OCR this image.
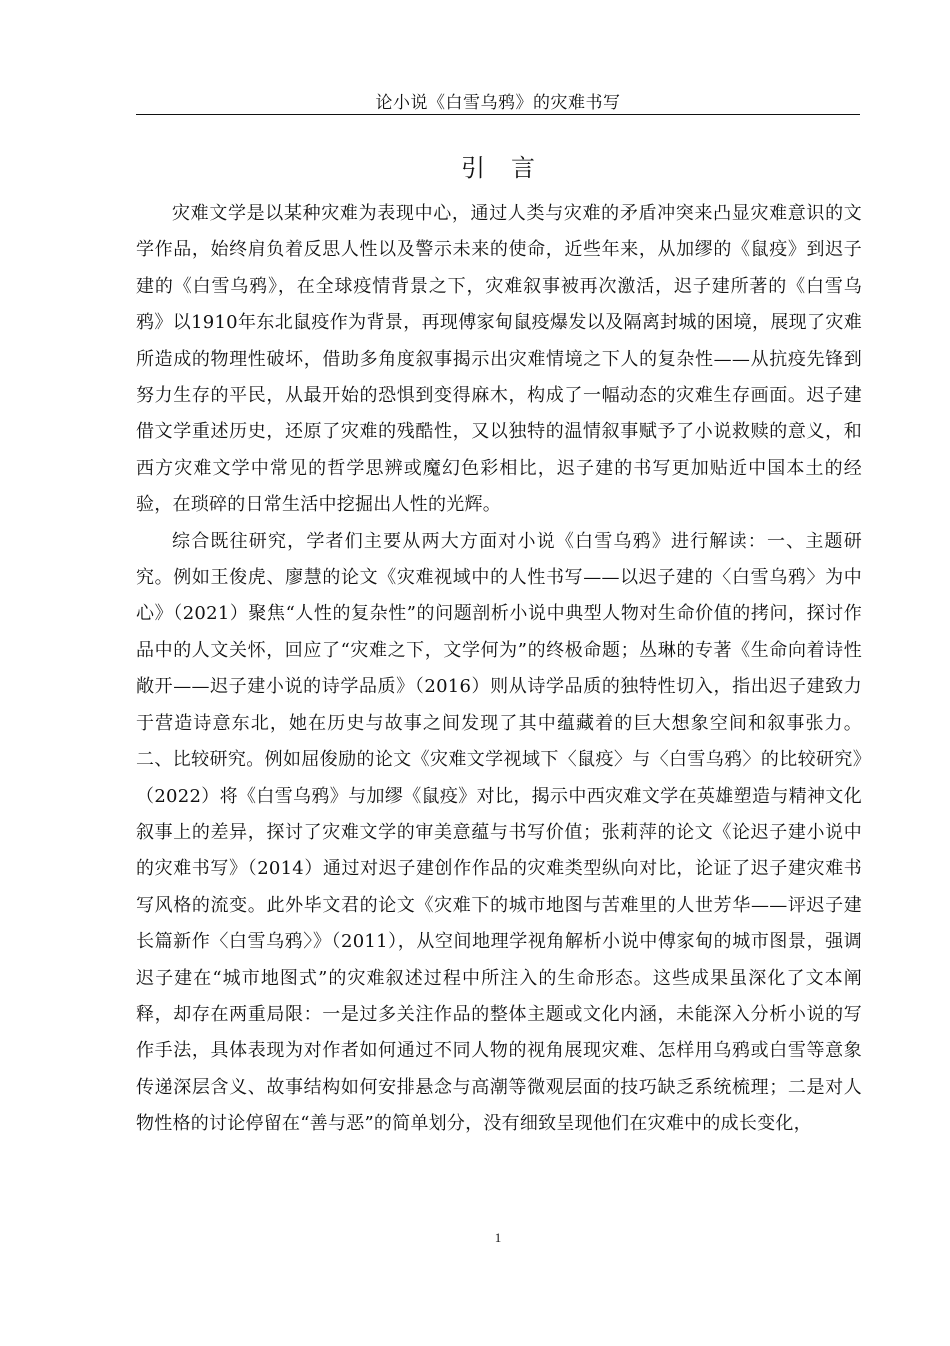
论小说《白雪乌鸦》的灾难书写
引言

灾难文学是以某种灾难为表现中心，通过人类与灾难的矛盾冲突来凸显灾难意识的文学作品，始终肩负着反思人性以及警示未来的使命，近些年来，从加缪的《鼠疫》到迟子建的《白雪乌鸦》，在全球疫情背景之下，灾难叙事被再次激活，迟子建所著的《白雪乌鸦》以1910年东北鼠疫作为背景，再现傅家甸鼠疫爆发以及隔离封城的困境，展现了灾难所造成的物理性破坏，借助多角度叙事揭示出灾难情境之下人的复杂性——从抗疫先锋到努力生存的平民，从最开始的恐惧到变得麻木，构成了一幅动态的灾难生存画面。迟子建借文学重述历史，还原了灾难的残酷性，又以独特的温情叙事赋予了小说救赎的意义，和西方灾难文学中常见的哲学思辨或魔幻色彩相比，迟子建的书写更加贴近中国本土的经验，在琐碎的日常生活中挖掘出人性的光辉。

综合既往研究，学者们主要从两大方面对小说《白雪乌鸦》进行解读：一、主题研究。例如王俊虎、廖慧的论文《灾难视域中的人性书写——以迟子建的〈白雪乌鸦〉为中心》（2021）聚焦“人性的复杂性”的问题剖析小说中典型人物对生命价值的拷问，探讨作品中的人文关怀，回应了“灾难之下，文学何为”的终极命题；丛琳的专著《生命向着诗性敞开——迟子建小说的诗学品质》（2016）则从诗学品质的独特性切入，指出迟子建致力于营造诗意东北，她在历史与故事之间发现了其中蕴藏着的巨大想象空间和叙事张力。二、比较研究。例如屈俊励的论文《灾难文学视域下〈鼠疫〉与〈白雪乌鸦〉的比较研究》（2022）将《白雪乌鸦》与加缪《鼠疫》对比，揭示中西灾难文学在英雄塑造与精神文化叙事上的差异，探讨了灾难文学的审美意蕴与书写价值；张莉萍的论文《论迟子建小说中的灾难书写》（2014）通过对迟子建创作作品的灾难类型纵向对比，论证了迟子建灾难书写风格的流变。此外毕文君的论文《灾难下的城市地图与苦难里的人世芳华——评迟子建长篇新作〈白雪乌鸦〉》（2011），从空间地理学视角解析小说中傅家甸的城市图景，强调迟子建在“城市地图式”的灾难叙述过程中所注入的生命形态。这些成果虽深化了文本阐释，却存在两重局限：一是过多关注作品的整体主题或文化内涵，未能深入分析小说的写作手法，具体表现为对作者如何通过不同人物的视角展现灾难、怎样用乌鸦或白雪等意象传递深层含义、故事结构如何安排悬念与高潮等微观层面的技巧缺乏系统梳理；二是对人物性格的讨论停留在“善与恶”的简单划分，没有细致呈现他们在灾难中的成长变化，

1
